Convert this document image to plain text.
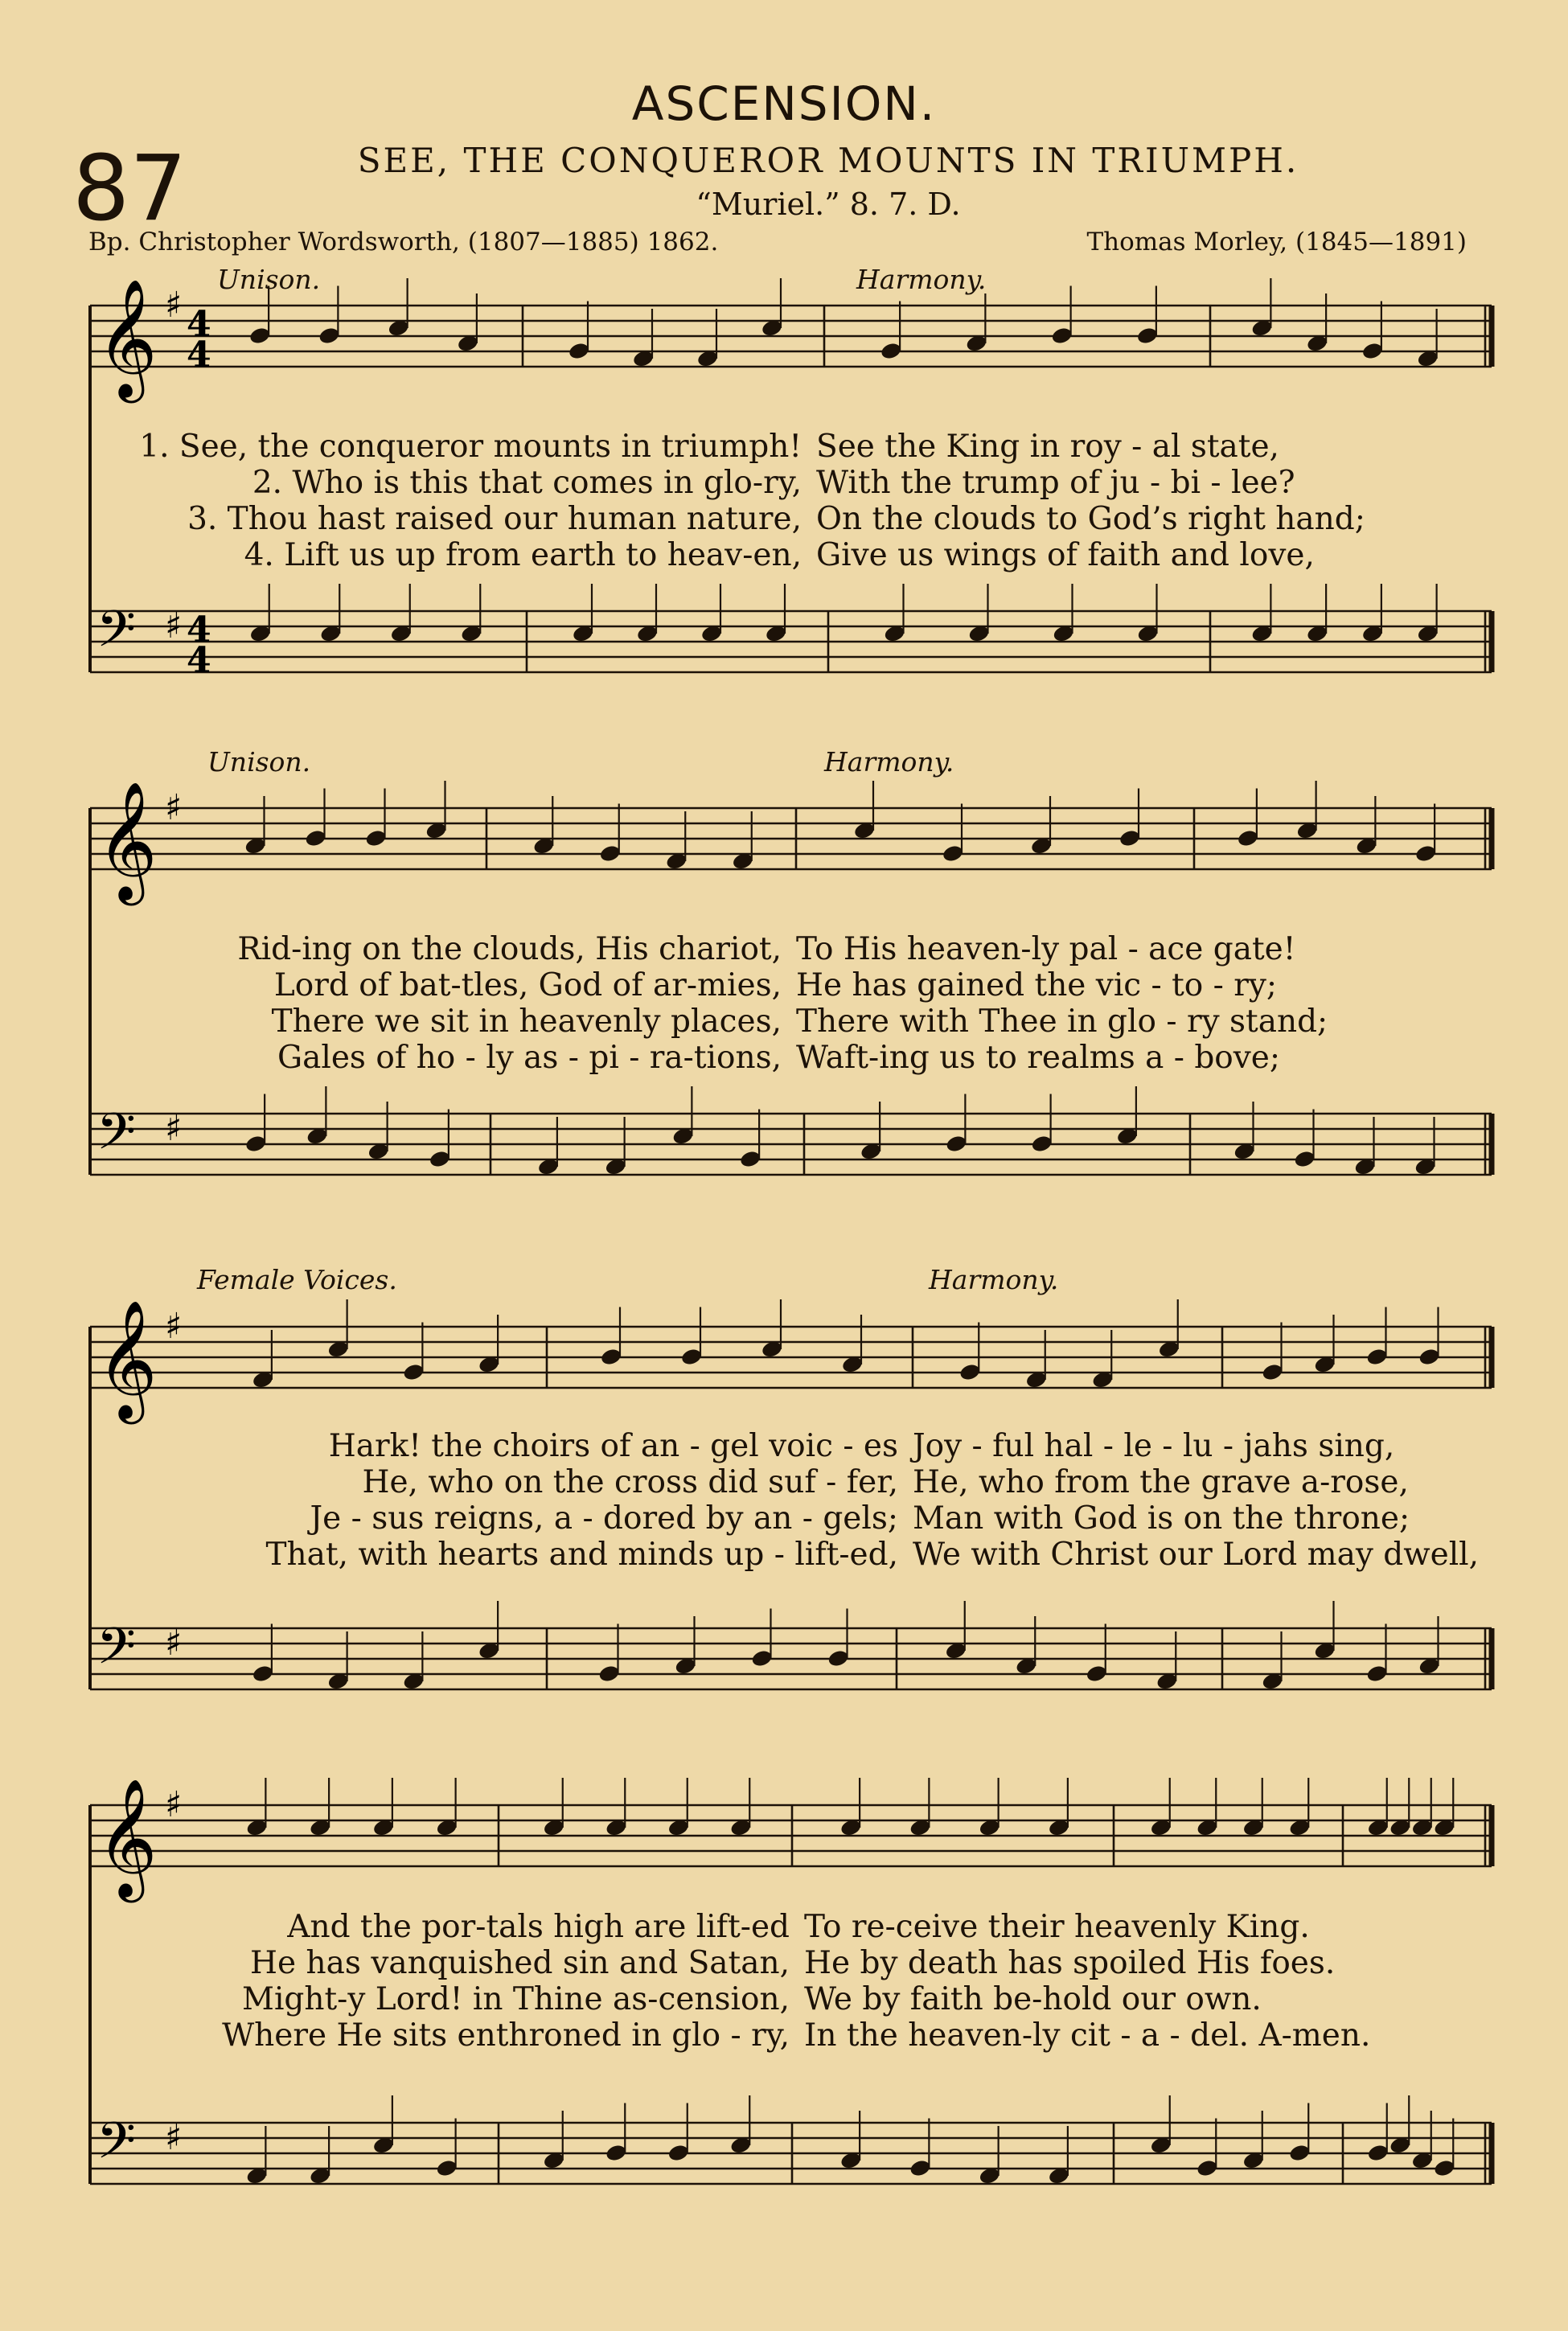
ASCENSION.
87	SEE, THE CONQUEROR MOUNTS IN TRIUMPH.
“Muriel.” 8. 7. D.
Bp. Christopher Wordsworth, (1807—1885) 1862.	Thomas Morley, (1845—1891)
𝄞 ♯
𝄢 ♯
4
4
4
4
𝄞 ♯
𝄢 ♯
𝄞 ♯
𝄢 ♯
𝄞 ♯
𝄢 ♯
Unison.	Harmony.
1. See, the conqueror mounts in triumph! See the King in roy - al state,
2. Who is this that comes in glo-ry, With the trump of ju - bi - lee?
3. Thou hast raised our human nature, On the clouds to God’s right hand;
4. Lift us up from earth to heav-en, Give us wings of faith and love,
Unison.	Harmony.
Rid-ing on the clouds, His chariot, To His heaven-ly pal - ace gate!
Lord of bat-tles, God of ar-mies, He has gained the vic - to - ry;
There we sit in heavenly places, There with Thee in glo - ry stand;
Gales of ho - ly as - pi - ra-tions, Waft-ing us to realms a - bove;
Female Voices.	Harmony.
Hark! the choirs of an - gel voic - es Joy - ful hal - le - lu - jahs sing,
He, who on the cross did suf - fer, He, who from the grave a-rose,
Je - sus reigns, a - dored by an - gels; Man with God is on the throne;
That, with hearts and minds up - lift-ed, We with Christ our Lord may dwell,
And the por-tals high are lift-ed To re-ceive their heavenly King.
He has vanquished sin and Satan, He by death has spoiled His foes.
Might-y Lord! in Thine as-cension, We by faith be-hold our own.
Where He sits enthroned in glo - ry, In the heaven-ly cit - a - del. A-men.
